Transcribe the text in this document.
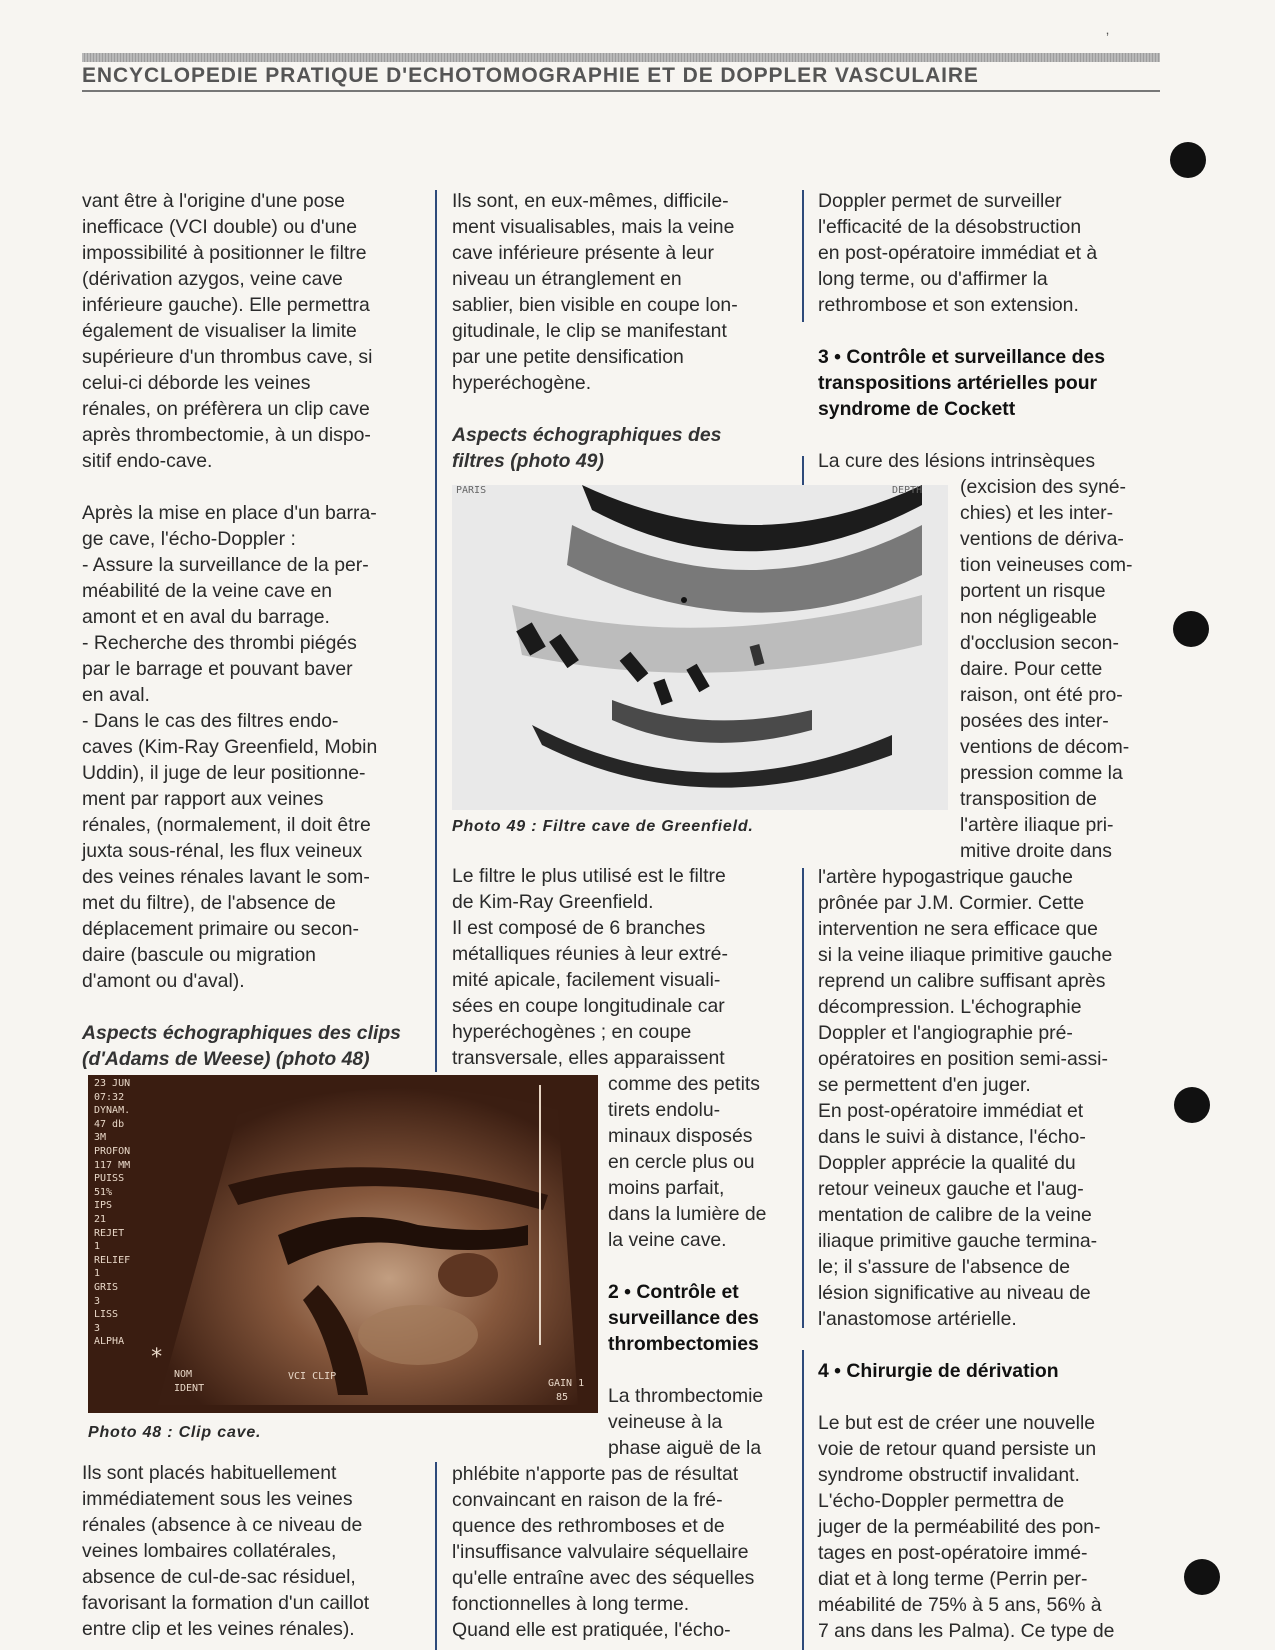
ʼ
ENCYCLOPEDIE PRATIQUE D'ECHOTOMOGRAPHIE ET DE DOPPLER VASCULAIRE
vant être à l'origine d'une pose
inefficace (VCI double) ou d'une
impossibilité à positionner le filtre
(dérivation azygos, veine cave
inférieure gauche). Elle permettra
également de visualiser la limite
supérieure d'un thrombus cave, si
celui-ci déborde les veines
rénales, on préfèrera un clip cave
après thrombectomie, à un dispo-
sitif endo-cave.
Après la mise en place d'un barra-
ge cave, l'écho-Doppler :
- Assure la surveillance de la per-
méabilité de la veine cave en
amont et en aval du barrage.
- Recherche des thrombi piégés
par le barrage et pouvant baver
en aval.
- Dans le cas des filtres endo-
caves (Kim-Ray Greenfield, Mobin
Uddin), il juge de leur positionne-
ment par rapport aux veines
rénales, (normalement, il doit être
juxta sous-rénal, les flux veineux
des veines rénales lavant le som-
met du filtre), de l'absence de
déplacement primaire ou secon-
daire (bascule ou migration
d'amont ou d'aval).
Aspects échographiques des clips
(d'Adams de Weese) (photo 48)
Ils sont placés habituellement
immédiatement sous les veines
rénales (absence à ce niveau de
veines lombaires collatérales,
absence de cul-de-sac résiduel,
favorisant la formation d'un caillot
entre clip et les veines rénales).
23 JUN
07:32
DYNAM.
47 db
3M
PROFON
117 MM
PUISS
51%
IPS
21
REJET
1
RELIEF
1
GRIS
3
LISS
3
ALPHA
*
NOM
IDENT
VCI CLIP
GAIN 1
85
Photo 48 : Clip cave.
Ils sont, en eux-mêmes, difficile-
ment visualisables, mais la veine
cave inférieure présente à leur
niveau un étranglement en
sablier, bien visible en coupe lon-
gitudinale, le clip se manifestant
par une petite densification
hyperéchogène.
Aspects échographiques des
filtres (photo 49)
PARIS	DEPTH
Photo 49 : Filtre cave de Greenfield.
Le filtre le plus utilisé est le filtre
de Kim-Ray Greenfield.
Il est composé de 6 branches
métalliques réunies à leur extré-
mité apicale, facilement visuali-
sées en coupe longitudinale car
hyperéchogènes ; en coupe
transversale, elles apparaissent
comme des petits
tirets endolu-
minaux disposés
en cercle plus ou
moins parfait,
dans la lumière de
la veine cave.
2 • Contrôle et
surveillance des
thrombectomies
La thrombectomie
veineuse à la
phase aiguë de la
phlébite n'apporte pas de résultat
convaincant en raison de la fré-
quence des rethromboses et de
l'insuffisance valvulaire séquellaire
qu'elle entraîne avec des séquelles
fonctionnelles à long terme.
Quand elle est pratiquée, l'écho-
Doppler permet de surveiller
l'efficacité de la désobstruction
en post-opératoire immédiat et à
long terme, ou d'affirmer la
rethrombose et son extension.
3 • Contrôle et surveillance des
transpositions artérielles pour
syndrome de Cockett
La cure des lésions intrinsèques
(excision des syné-
chies) et les inter-
ventions de dériva-
tion veineuses com-
portent un risque
non négligeable
d'occlusion secon-
daire. Pour cette
raison, ont été pro-
posées des inter-
ventions de décom-
pression comme la
transposition de
l'artère iliaque pri-
mitive droite dans
l'artère hypogastrique gauche
prônée par J.M. Cormier. Cette
intervention ne sera efficace que
si la veine iliaque primitive gauche
reprend un calibre suffisant après
décompression. L'échographie
Doppler et l'angiographie pré-
opératoires en position semi-assi-
se permettent d'en juger.
En post-opératoire immédiat et
dans le suivi à distance, l'écho-
Doppler apprécie la qualité du
retour veineux gauche et l'aug-
mentation de calibre de la veine
iliaque primitive gauche termina-
le; il s'assure de l'absence de
lésion significative au niveau de
l'anastomose artérielle.
4 • Chirurgie de dérivation
Le but est de créer une nouvelle
voie de retour quand persiste un
syndrome obstructif invalidant.
L'écho-Doppler permettra de
juger de la perméabilité des pon-
tages en post-opératoire immé-
diat et à long terme (Perrin per-
méabilité de 75% à 5 ans, 56% à
7 ans dans les Palma). Ce type de
